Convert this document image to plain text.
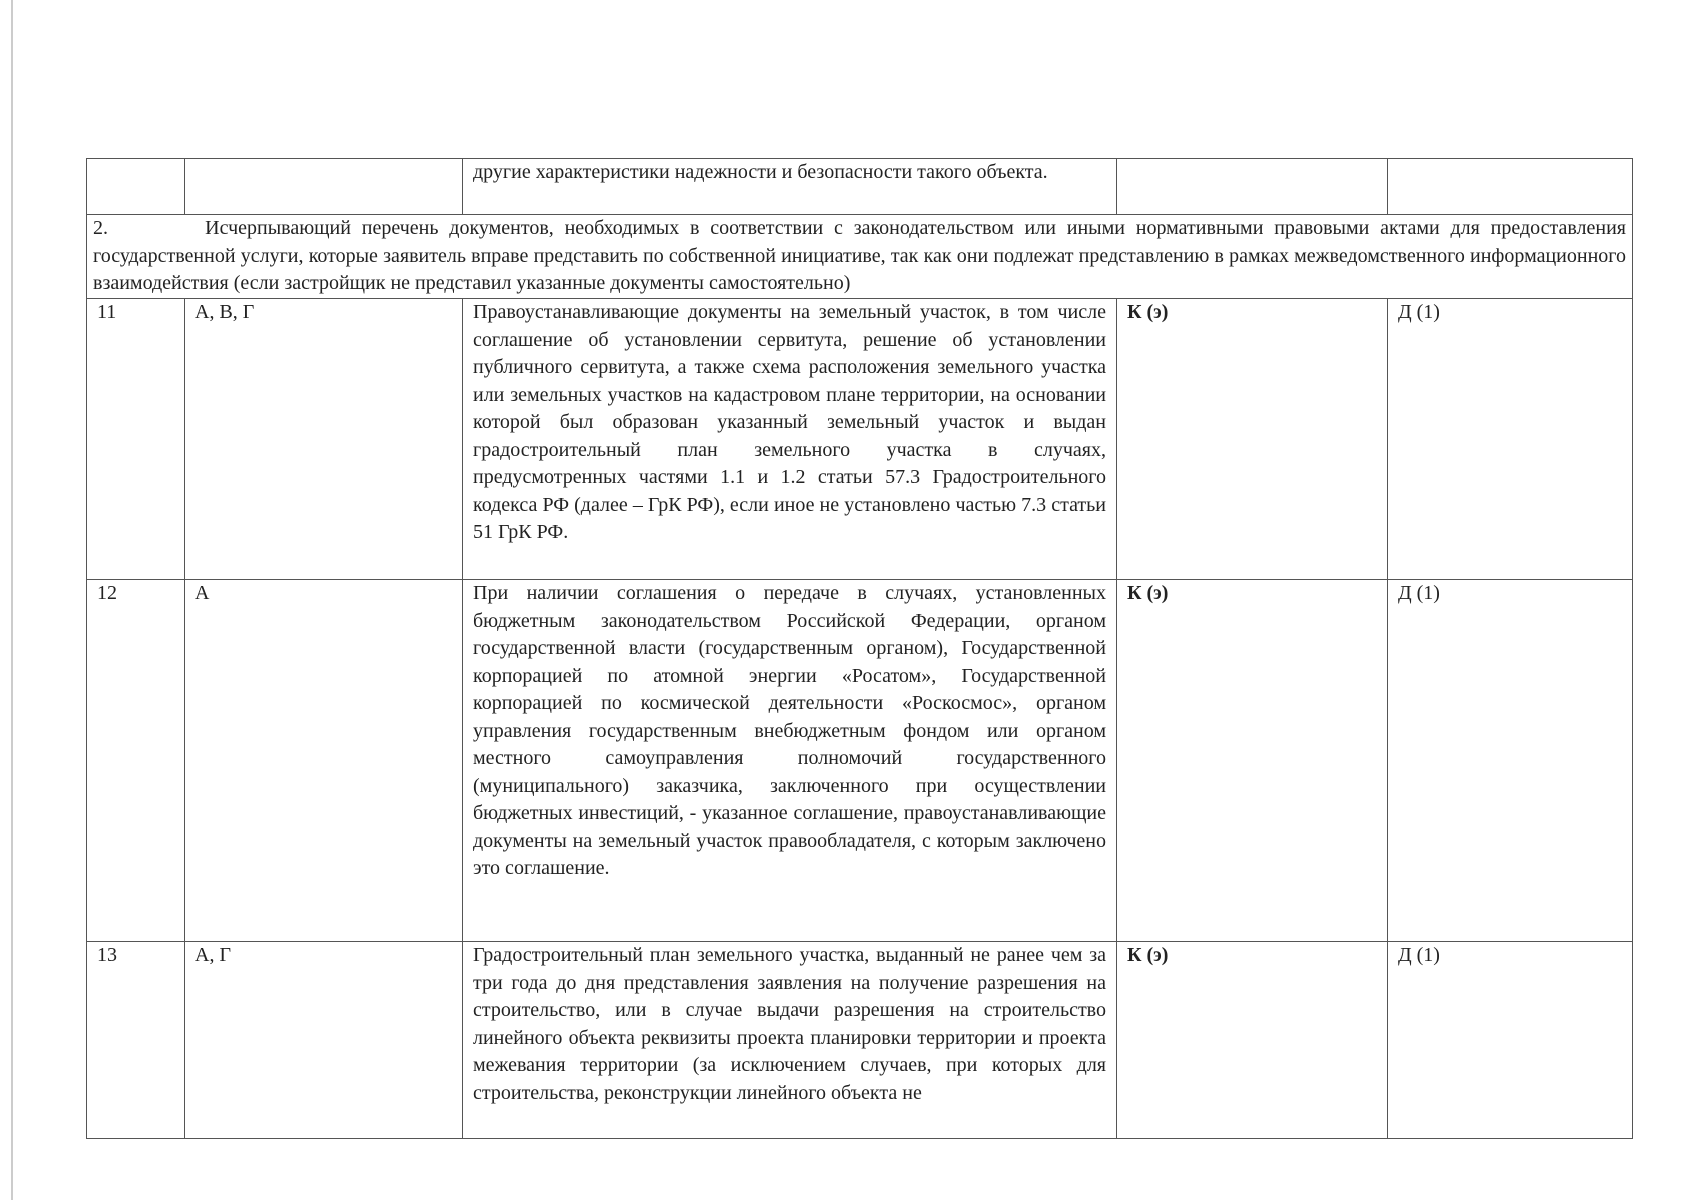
		другие характеристики надежности и безопасности такого объекта.		
2.         Исчерпывающий перечень документов, необходимых в соответствии с законодательством или иными нормативными правовыми актами для предоставления государственной услуги, которые заявитель вправе представить по собственной инициативе, так как они подлежат представлению в рамках межведомственного информационного взаимодействия (если застройщик не представил указанные документы самостоятельно)				
11	А, В, Г	Правоустанавливающие документы на земельный участок, в том числе соглашение об установлении сервитута, решение об установлении публичного сервитута, а также схема расположения земельного участка или земельных участков на кадастровом плане территории, на основании которой был образован указанный земельный участок и выдан градостроительный план земельного участка в случаях, предусмотренных частями 1.1 и 1.2 статьи 57.3 Градостроительного кодекса РФ (далее – ГрК РФ), если иное не установлено частью 7.3 статьи 51 ГрК РФ.	К (э)	Д (1)
12	А	При наличии соглашения о передаче в случаях, установленных бюджетным законодательством Российской Федерации, органом государственной власти (государственным органом), Государственной корпорацией по атомной энергии «Росатом», Государственной корпорацией по космической деятельности «Роскосмос», органом управления государственным внебюджетным фондом или органом местного самоуправления полномочий государственного (муниципального) заказчика, заключенного при осуществлении бюджетных инвестиций, - указанное соглашение, правоустанавливающие документы на земельный участок правообладателя, с которым заключено это соглашение.	К (э)	Д (1)
13	А, Г	Градостроительный план земельного участка, выданный не ранее чем за три года до дня представления заявления на получение разрешения на строительство, или в случае выдачи разрешения на строительство линейного объекта реквизиты проекта планировки территории и проекта межевания территории (за исключением случаев, при которых для строительства, реконструкции линейного объекта не	К (э)	Д (1)
